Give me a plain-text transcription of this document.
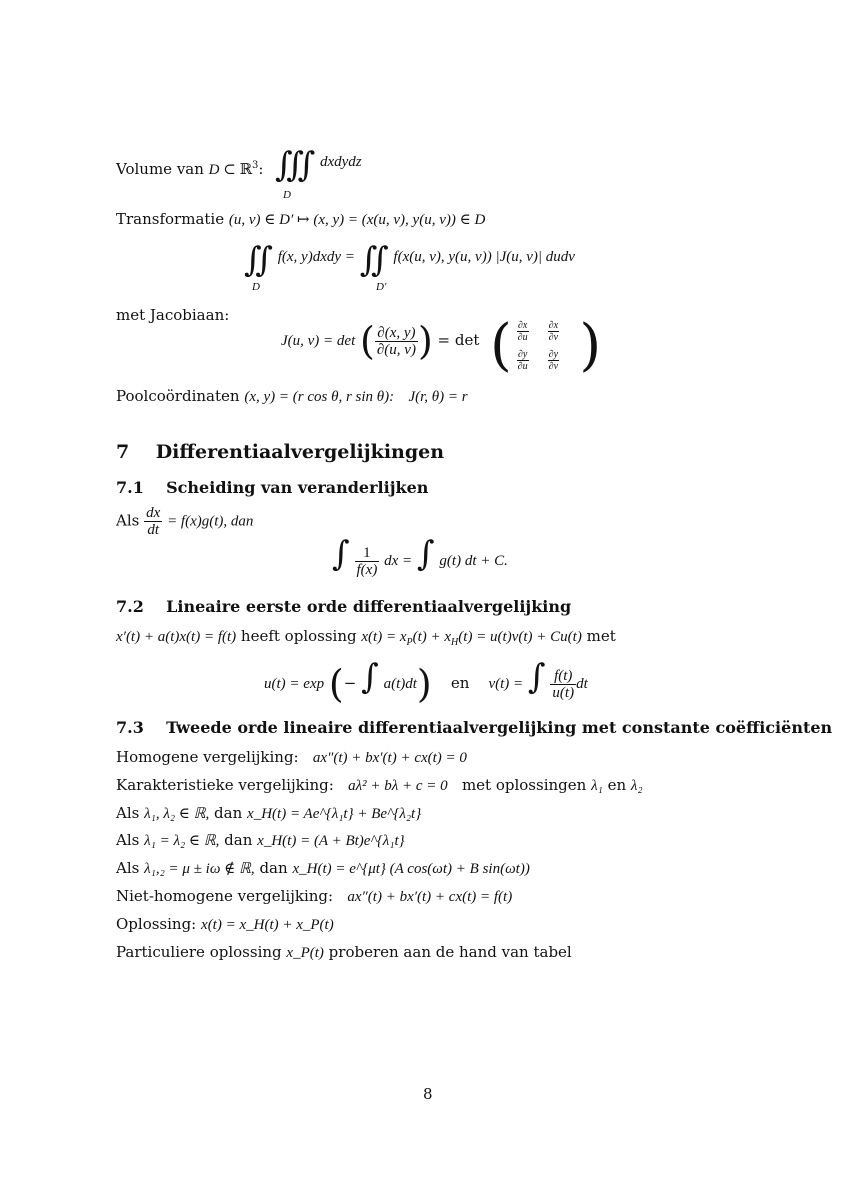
Volume van D ⊂ ℝ$^3$: ∭ dxdydz
D
Transformatie (u, v) ∈ D′ ↦ (x, y) = (x(u, v), y(u, v)) ∈ D
∬ f(x, y)dxdy = ∬ f(x(u, v), y(u, v)) |J(u, v)| dudv
D	D′
met Jacobiaan:
J(u, v) = det ( $\frac{\partial(x, y)}{\partial(u, v)}$ ) = det ( $\frac{\partial x}{\partial u}$
$\frac{\partial x}{\partial v}$
$\frac{\partial y}{\partial u}$
$\frac{\partial y}{\partial v}$ )
Poolcoördinaten (x, y) = (r cos θ, r sin θ): J(r, θ) = r
7 Differentiaalvergelijkingen
7.1 Scheiding van veranderlijken
Als $\frac{dx}{dt} = f(x)g(t)$, dan
∫ $\frac{1}{f(x)}$ dx = ∫ g(t) dt + C.
7.2 Lineaire eerste orde differentiaalvergelijking
x′(t) + a(t)x(t) = f(t) heeft oplossing $x(t) = x_P(t) + x_H(t) = u(t)v(t) + Cu(t)$ met
u(t) = exp (− ∫ a(t)dt) en v(t) = ∫ $\frac{f(t)}{u(t)}$ dt
7.3 Tweede orde lineaire differentiaalvergelijking met constante coëfficiënten
Homogene vergelijking: ax″(t) + bx′(t) + cx(t) = 0
Karakteristieke vergelijking: aλ² + bλ + c = 0 met oplossingen λ₁ en λ₂
Als λ₁, λ₂ ∈ ℝ, dan x_H(t) = Ae^{λ₁t} + Be^{λ₂t}
Als λ₁ = λ₂ ∈ ℝ, dan x_H(t) = (A + Bt)e^{λ₁t}
Als λ₁,₂ = μ ± iω ∉ ℝ, dan x_H(t) = e^{μt} (A cos(ωt) + B sin(ωt))
Niet-homogene vergelijking: ax″(t) + bx′(t) + cx(t) = f(t)
Oplossing: x(t) = x_H(t) + x_P(t)
Particuliere oplossing x_P(t) proberen aan de hand van tabel
8
